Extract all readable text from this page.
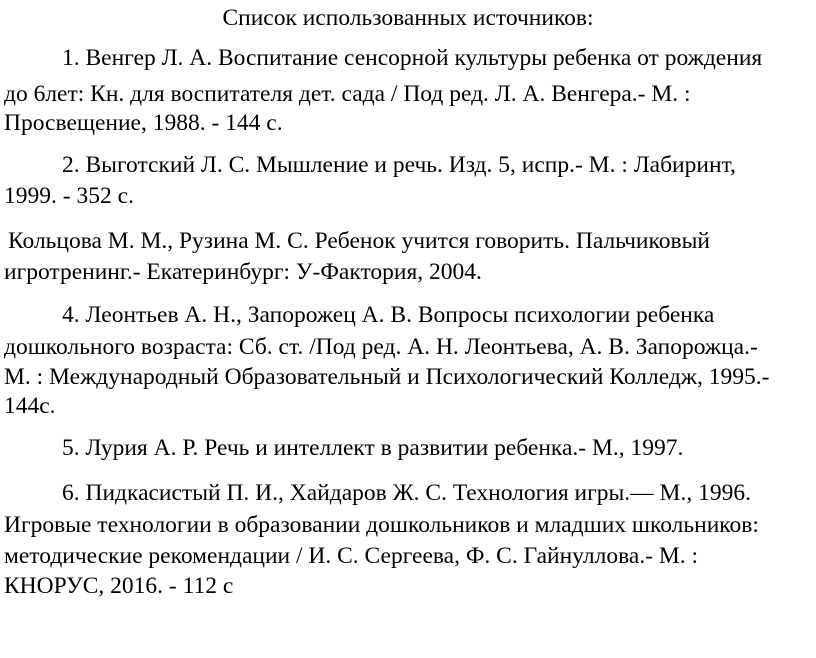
Список использованных источников:
1. Венгер Л. А. Воспитание сенсорной культуры ребенка от рождения
до 6лет: Кн. для воспитателя дет. сада / Под ред. Л. А. Венгера.- М. :
Просвещение, 1988. - 144 с.
2. Выготский Л. С. Мышление и речь. Изд. 5, испр.- М. : Лабиринт,
1999. - 352 с.
Кольцова М. М., Рузина М. С. Ребенок учится говорить. Пальчиковый
игротренинг.- Екатеринбург: У-Фактория, 2004.
4. Леонтьев А. Н., Запорожец А. В. Вопросы психологии ребенка
дошкольного возраста: Сб. ст. /Под ред. А. Н. Леонтьева, А. В. Запорожца.-
М. : Международный Образовательный и Психологический Колледж, 1995.-
144с.
5. Лурия А. Р. Речь и интеллект в развитии ребенка.- М., 1997.
6. Пидкасистый П. И., Хайдаров Ж. С. Технология игры.— М., 1996.
Игровые технологии в образовании дошкольников и младших школьников:
методические рекомендации / И. С. Сергеева, Ф. С. Гайнуллова.- М. :
КНОРУС, 2016. - 112 с
